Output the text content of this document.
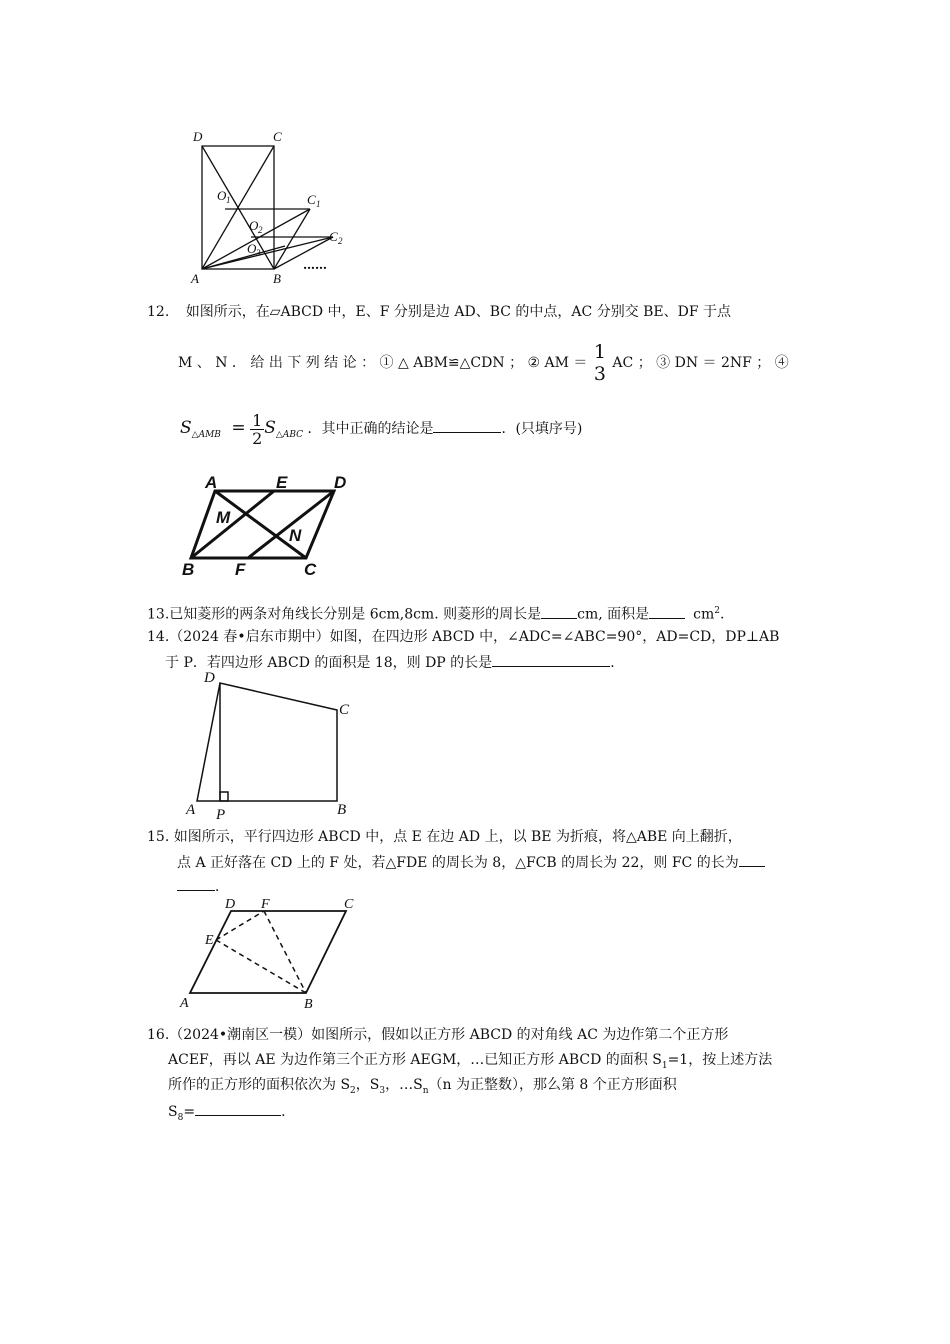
D	C
O 1	C 1
O 2	C 2
O 3
A	B
……
12. 如图所示，在▱ABCD 中，E、F 分别是边 AD、BC 的中点，AC 分别交 BE、DF 于点
M 、 N ． 给 出 下 列 结 论 ： ① △ ABM≌△CDN ； ② AM ＝ 1
3 AC ； ③ DN ＝ 2NF ； ④
$S_{\triangle AMB} = \frac{1}{2} S_{\triangle ABC}$ ．其中正确的结论是	．(只填序号)
A	E	D
M
N
B F	C
13.已知菱形的两条对角线长分别是 6cm,8cm. 则菱形的周长是	cm, 面积是	$cm^2$.
14.（2024 春•启东市期中）如图，在四边形 ABCD 中，∠ADC=∠ABC=90°，AD=CD，DP⊥AB
于 P．若四边形 ABCD 的面积是 18，则 DP 的长是	．
D
C
A P	B
15. 如图所示，平行四边形 ABCD 中，点 E 在边 AD 上，以 BE 为折痕，将△ABE 向上翻折，
点 A 正好落在 CD 上的 F 处，若△FDE 的周长为 8，△FCB 的周长为 22，则 FC 的长为
．
D F	C
E
A	B
16.（2024•潮南区一模）如图所示，假如以正方形 ABCD 的对角线 AC 为边作第二个正方形
ACEF，再以 AE 为边作第三个正方形 AEGM，…已知正方形 ABCD 的面积 $S_1=1$，按上述方法
所作的正方形的面积依次为 $S_2$，$S_3$，$\dots S_n(n$ 为正整数），那么第 8 个正方形面积
$S_8=$	．
